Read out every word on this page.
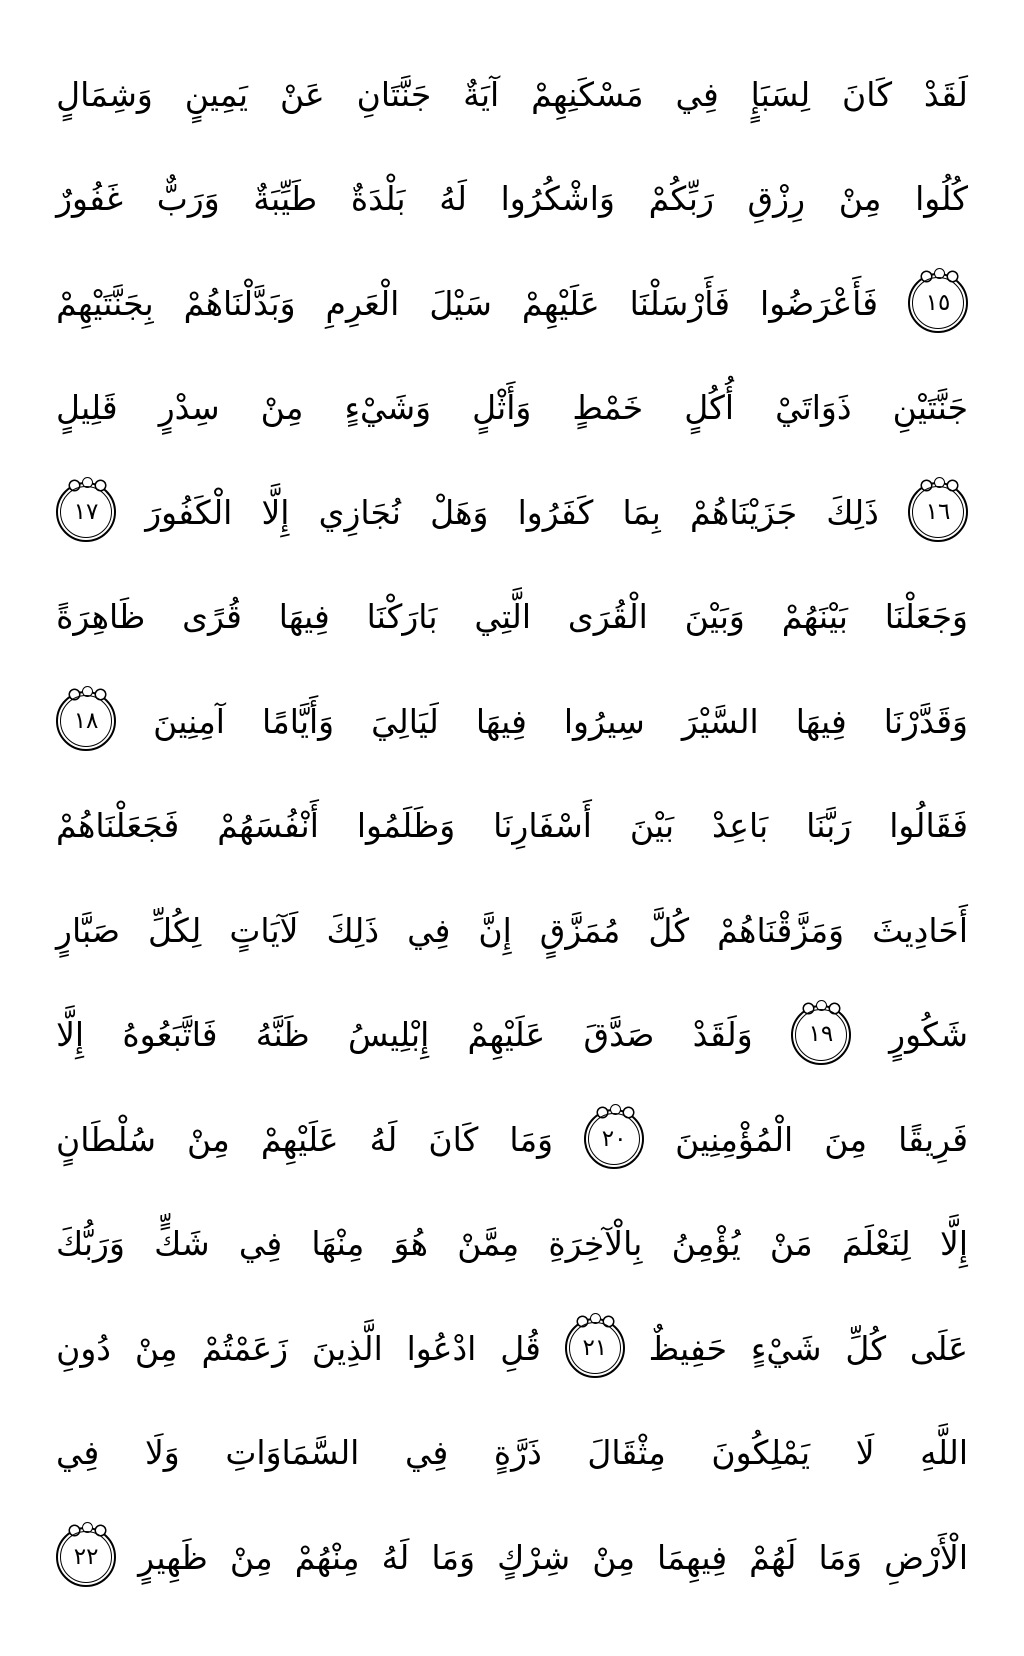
لَقَدْ
كَانَ
لِسَبَإٍ
فِي
مَسْكَنِهِمْ
آيَةٌ
جَنَّتَانِ
عَنْ
يَمِينٍ
وَشِمَالٍ
كُلُوا
مِنْ
رِزْقِ
رَبِّكُمْ
وَاشْكُرُوا
لَهُ
بَلْدَةٌ
طَيِّبَةٌ
وَرَبٌّ
غَفُورٌ
١٥
فَأَعْرَضُوا
فَأَرْسَلْنَا
عَلَيْهِمْ
سَيْلَ
الْعَرِمِ
وَبَدَّلْنَاهُمْ
بِجَنَّتَيْهِمْ
جَنَّتَيْنِ
ذَوَاتَيْ
أُكُلٍ
خَمْطٍ
وَأَثْلٍ
وَشَيْءٍ
مِنْ
سِدْرٍ
قَلِيلٍ
١٦
ذَلِكَ
جَزَيْنَاهُمْ
بِمَا
كَفَرُوا
وَهَلْ
نُجَازِي
إِلَّا
الْكَفُورَ
١٧
وَجَعَلْنَا
بَيْنَهُمْ
وَبَيْنَ
الْقُرَى
الَّتِي
بَارَكْنَا
فِيهَا
قُرًى
ظَاهِرَةً
وَقَدَّرْنَا
فِيهَا
السَّيْرَ
سِيرُوا
فِيهَا
لَيَالِيَ
وَأَيَّامًا
آمِنِينَ
١٨
فَقَالُوا
رَبَّنَا
بَاعِدْ
بَيْنَ
أَسْفَارِنَا
وَظَلَمُوا
أَنْفُسَهُمْ
فَجَعَلْنَاهُمْ
أَحَادِيثَ
وَمَزَّقْنَاهُمْ
كُلَّ
مُمَزَّقٍ
إِنَّ
فِي
ذَلِكَ
لَآيَاتٍ
لِكُلِّ
صَبَّارٍ
شَكُورٍ
١٩
وَلَقَدْ
صَدَّقَ
عَلَيْهِمْ
إِبْلِيسُ
ظَنَّهُ
فَاتَّبَعُوهُ
إِلَّا
فَرِيقًا
مِنَ
الْمُؤْمِنِينَ
٢٠
وَمَا
كَانَ
لَهُ
عَلَيْهِمْ
مِنْ
سُلْطَانٍ
إِلَّا
لِنَعْلَمَ
مَنْ
يُؤْمِنُ
بِالْآخِرَةِ
مِمَّنْ
هُوَ
مِنْهَا
فِي
شَكٍّ
وَرَبُّكَ
عَلَى
كُلِّ
شَيْءٍ
حَفِيظٌ
٢١
قُلِ
ادْعُوا
الَّذِينَ
زَعَمْتُمْ
مِنْ
دُونِ
اللَّهِ
لَا
يَمْلِكُونَ
مِثْقَالَ
ذَرَّةٍ
فِي
السَّمَاوَاتِ
وَلَا
فِي
الْأَرْضِ
وَمَا
لَهُمْ
فِيهِمَا
مِنْ
شِرْكٍ
وَمَا
لَهُ
مِنْهُمْ
مِنْ
ظَهِيرٍ
٢٢
